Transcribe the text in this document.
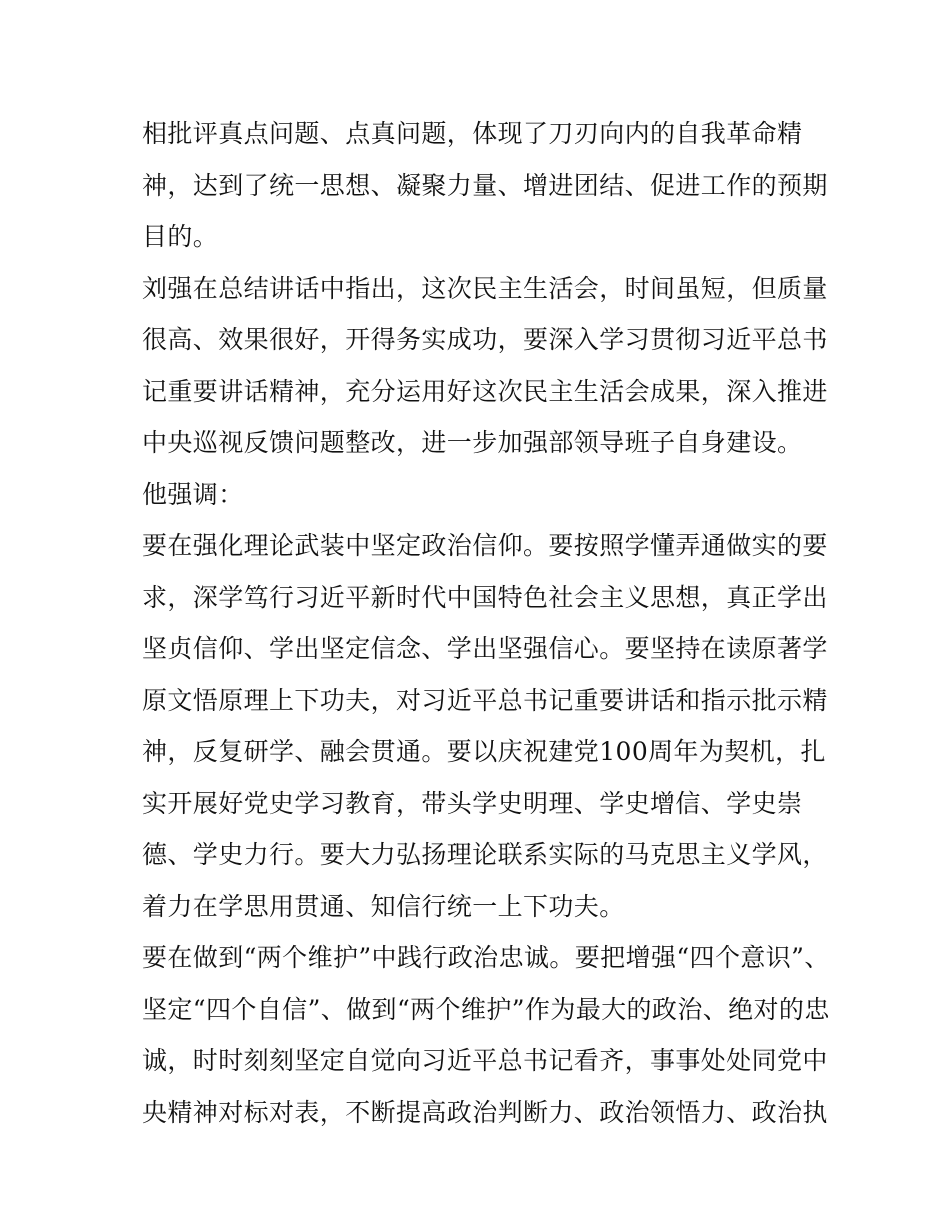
相批评真点问题、点真问题，体现了刀刃向内的自我革命精
神，达到了统一思想、凝聚力量、增进团结、促进工作的预期
目的。
刘强在总结讲话中指出，这次民主生活会，时间虽短，但质量
很高、效果很好，开得务实成功，要深入学习贯彻习近平总书
记重要讲话精神，充分运用好这次民主生活会成果，深入推进
中央巡视反馈问题整改，进一步加强部领导班子自身建设。
他强调：
要在强化理论武装中坚定政治信仰。要按照学懂弄通做实的要
求，深学笃行习近平新时代中国特色社会主义思想，真正学出
坚贞信仰、学出坚定信念、学出坚强信心。要坚持在读原著学
原文悟原理上下功夫，对习近平总书记重要讲话和指示批示精
神，反复研学、融会贯通。要以庆祝建党100周年为契机，扎
实开展好党史学习教育，带头学史明理、学史增信、学史崇
德、学史力行。要大力弘扬理论联系实际的马克思主义学风，
着力在学思用贯通、知信行统一上下功夫。
要在做到“两个维护”中践行政治忠诚。要把增强“四个意识”、
坚定“四个自信”、做到“两个维护”作为最大的政治、绝对的忠
诚，时时刻刻坚定自觉向习近平总书记看齐，事事处处同党中
央精神对标对表，不断提高政治判断力、政治领悟力、政治执
